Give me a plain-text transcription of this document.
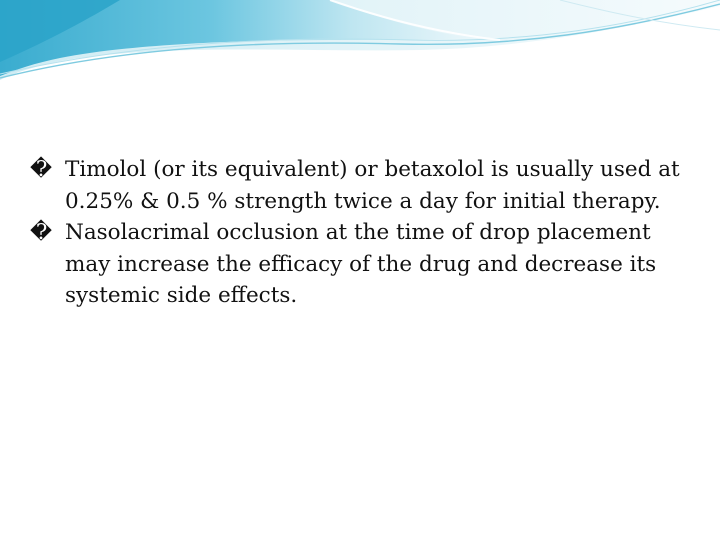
� Timolol (or its equivalent) or betaxolol is usually used at 0.25% & 0.5 % strength twice a day for initial therapy.

� Nasolacrimal occlusion at the time of drop placement may increase the efficacy of the drug and decrease its systemic side effects.
